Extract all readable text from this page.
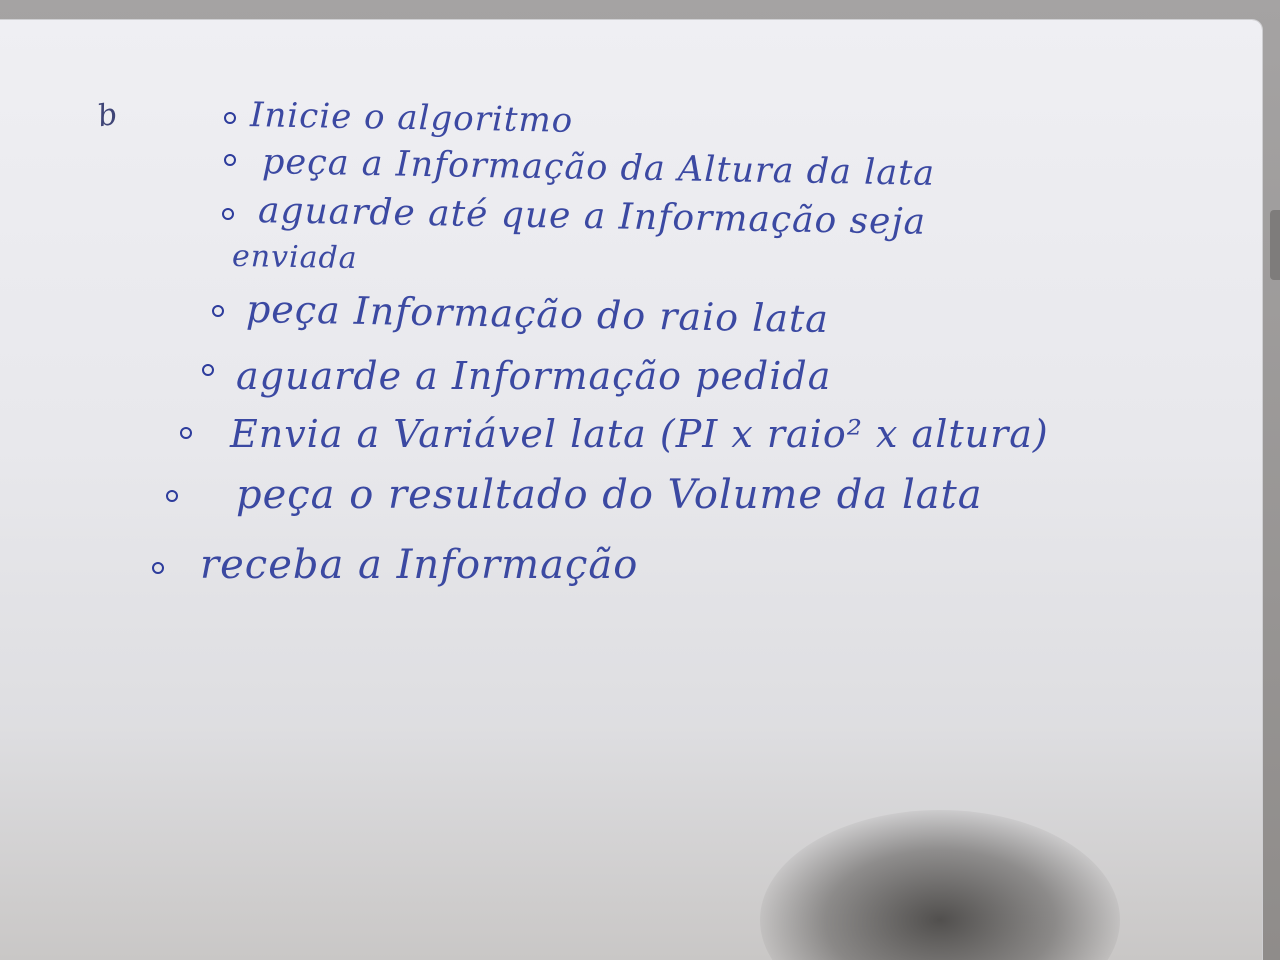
b	Inicie o algoritmo
peça a Informação da Altura da lata
aguarde até que a Informação seja
enviada
peça Informação do raio lata
aguarde a Informação pedida
Envia a Variável lata (PI x raio² x altura)
peça o resultado do Volume da lata
receba a Informação
